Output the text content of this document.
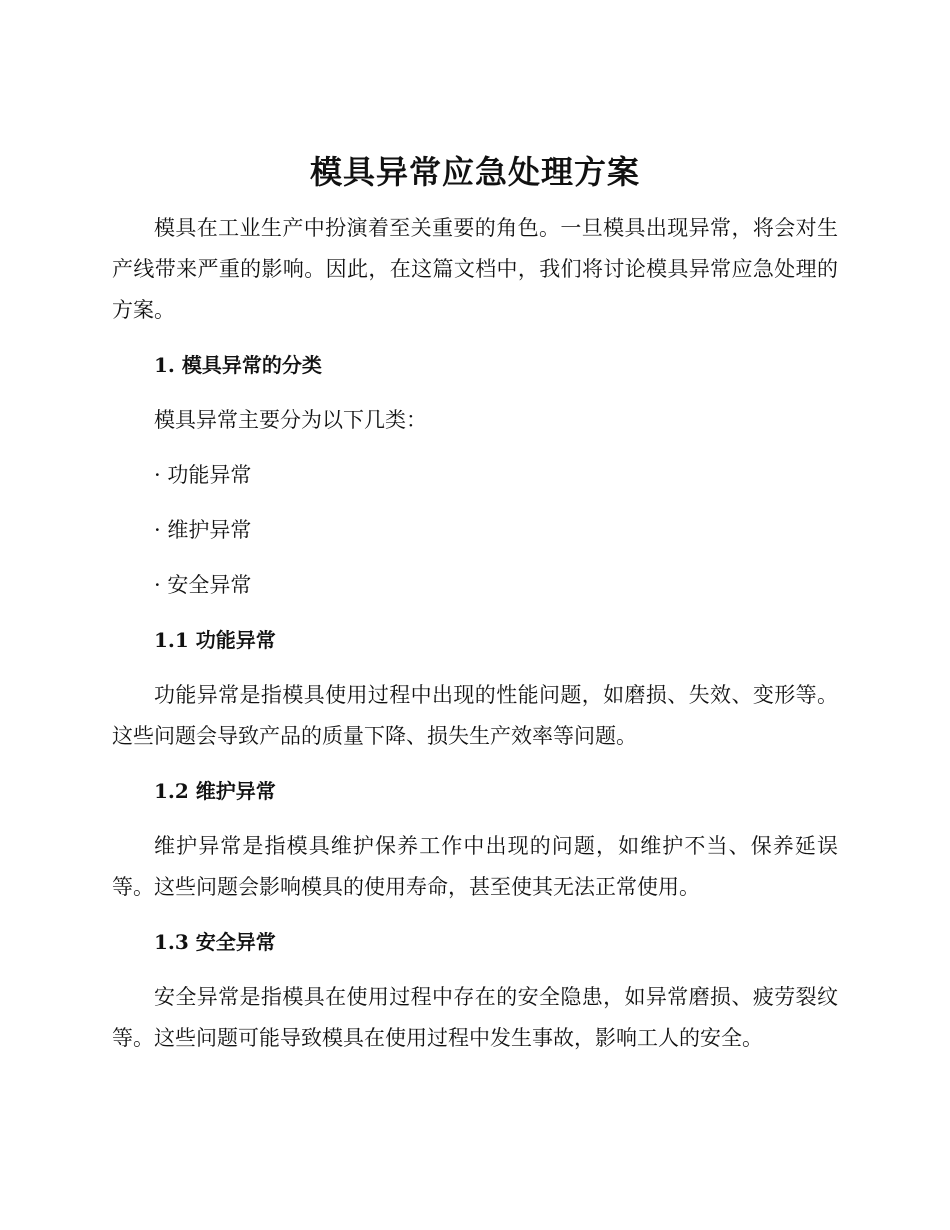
模具异常应急处理方案

模具在工业生产中扮演着至关重要的角色。一旦模具出现异常，将会对生产线带来严重的影响。因此，在这篇文档中，我们将讨论模具异常应急处理的方案。

1. 模具异常的分类

模具异常主要分为以下几类：

· 功能异常

· 维护异常

· 安全异常

1.1 功能异常

功能异常是指模具使用过程中出现的性能问题，如磨损、失效、变形等。这些问题会导致产品的质量下降、损失生产效率等问题。

1.2 维护异常

维护异常是指模具维护保养工作中出现的问题，如维护不当、保养延误等。这些问题会影响模具的使用寿命，甚至使其无法正常使用。

1.3 安全异常

安全异常是指模具在使用过程中存在的安全隐患，如异常磨损、疲劳裂纹等。这些问题可能导致模具在使用过程中发生事故，影响工人的安全。
